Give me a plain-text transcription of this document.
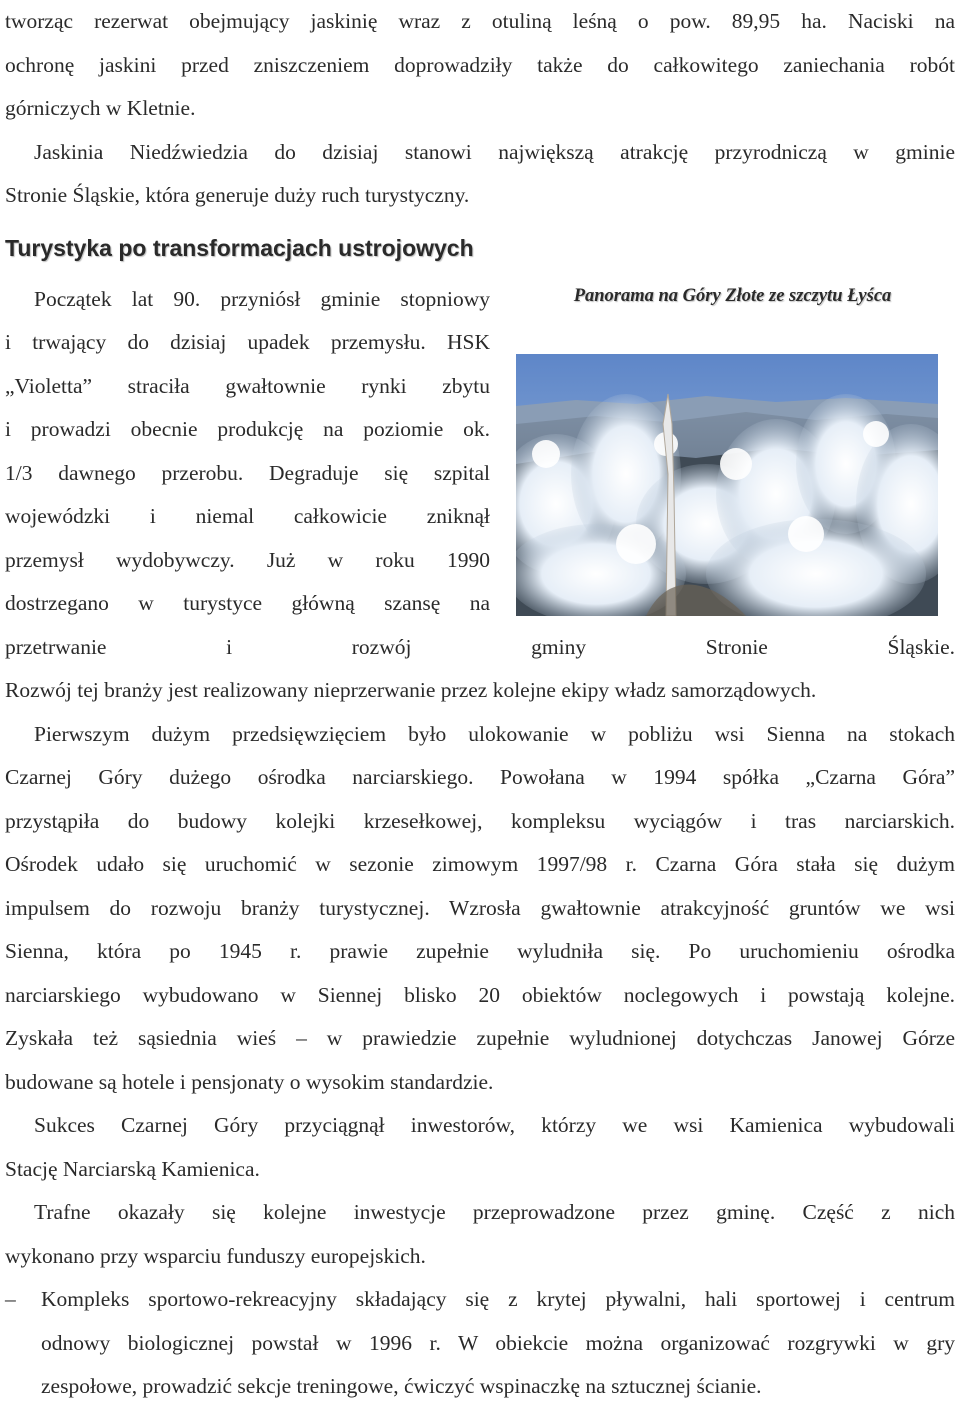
tworząc rezerwat obejmujący jaskinię wraz z otuliną leśną o pow. 89,95 ha. Naciski na

ochronę jaskini przed zniszczeniem doprowadziły także do całkowitego zaniechania robót

górniczych w Kletnie.

Jaskinia Niedźwiedzia do dzisiaj stanowi największą atrakcję przyrodniczą w gminie

Stronie Śląskie, która generuje duży ruch turystyczny.

Turystyka po transformacjach ustrojowych

Panorama na Góry Złote ze szczytu Łyśca

Początek lat 90. przyniósł gminie stopniowy

i trwający do dzisiaj upadek przemysłu. HSK

„Violetta” straciła gwałtownie rynki zbytu

i prowadzi obecnie produkcję na poziomie ok.

1/3 dawnego przerobu. Degraduje się szpital

wojewódzki i niemal całkowicie zniknął

przemysł wydobywczy. Już w roku 1990

dostrzegano w turystyce główną szansę na

przetrwanie i rozwój gminy Stronie Śląskie.

Rozwój tej branży jest realizowany nieprzerwanie przez kolejne ekipy władz samorządowych.

Pierwszym dużym przedsięwzięciem było ulokowanie w pobliżu wsi Sienna na stokach

Czarnej Góry dużego ośrodka narciarskiego. Powołana w 1994 spółka „Czarna Góra”

przystąpiła do budowy kolejki krzesełkowej, kompleksu wyciągów i tras narciarskich.

Ośrodek udało się uruchomić w sezonie zimowym 1997/98 r. Czarna Góra stała się dużym

impulsem do rozwoju branży turystycznej. Wzrosła gwałtownie atrakcyjność gruntów we wsi

Sienna, która po 1945 r. prawie zupełnie wyludniła się. Po uruchomieniu ośrodka

narciarskiego wybudowano w Siennej blisko 20 obiektów noclegowych i powstają kolejne.

Zyskała też sąsiednia wieś – w prawiedzie zupełnie wyludnionej dotychczas Janowej Górze

budowane są hotele i pensjonaty o wysokim standardzie.

Sukces Czarnej Góry przyciągnął inwestorów, którzy we wsi Kamienica wybudowali

Stację Narciarską Kamienica.

Trafne okazały się kolejne inwestycje przeprowadzone przez gminę. Część z nich

wykonano przy wsparciu funduszy europejskich.

– Kompleks sportowo-rekreacyjny składający się z krytej pływalni, hali sportowej i centrum

odnowy biologicznej powstał w 1996 r. W obiekcie można organizować rozgrywki w gry

zespołowe, prowadzić sekcje treningowe, ćwiczyć wspinaczkę na sztucznej ścianie.
